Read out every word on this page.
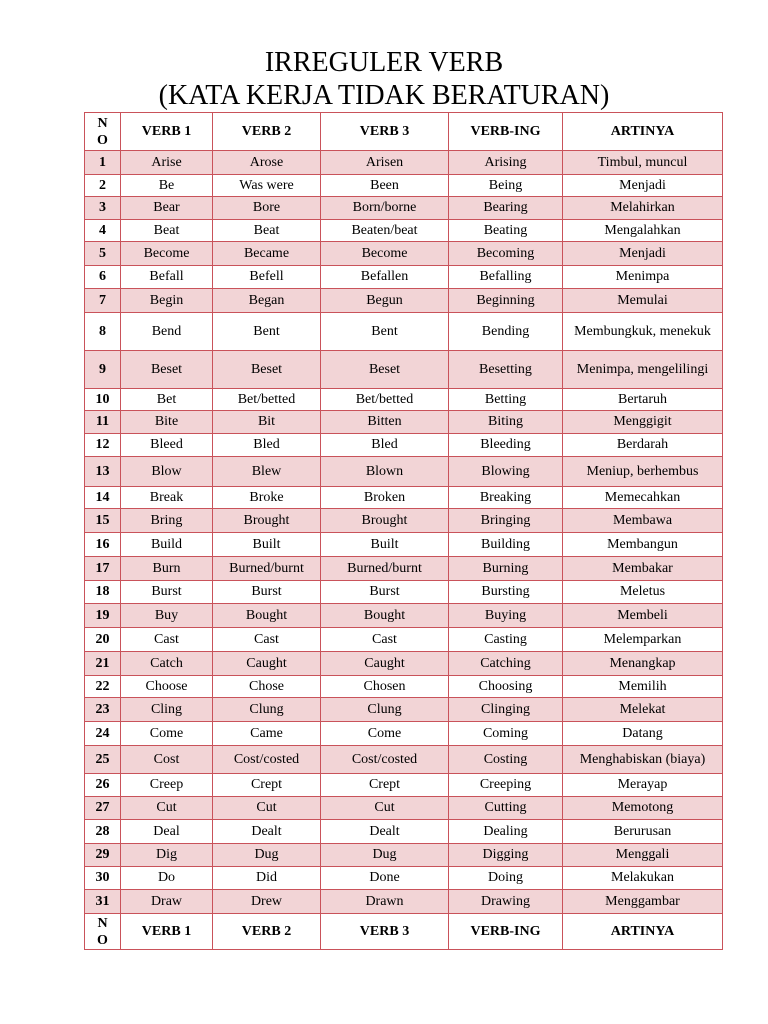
IRREGULER VERB
(KATA KERJA TIDAK BERATURAN)
N
O	VERB 1	VERB 2	VERB 3	VERB-ING	ARTINYA
1	Arise	Arose	Arisen	Arising	Timbul, muncul
2	Be	Was were	Been	Being	Menjadi
3	Bear	Bore	Born/borne	Bearing	Melahirkan
4	Beat	Beat	Beaten/beat	Beating	Mengalahkan
5	Become	Became	Become	Becoming	Menjadi
6	Befall	Befell	Befallen	Befalling	Menimpa
7	Begin	Began	Begun	Beginning	Memulai
8	Bend	Bent	Bent	Bending	Membungkuk, menekuk
9	Beset	Beset	Beset	Besetting	Menimpa, mengelilingi
10	Bet	Bet/betted	Bet/betted	Betting	Bertaruh
11	Bite	Bit	Bitten	Biting	Menggigit
12	Bleed	Bled	Bled	Bleeding	Berdarah
13	Blow	Blew	Blown	Blowing	Meniup, berhembus
14	Break	Broke	Broken	Breaking	Memecahkan
15	Bring	Brought	Brought	Bringing	Membawa
16	Build	Built	Built	Building	Membangun
17	Burn	Burned/burnt	Burned/burnt	Burning	Membakar
18	Burst	Burst	Burst	Bursting	Meletus
19	Buy	Bought	Bought	Buying	Membeli
20	Cast	Cast	Cast	Casting	Melemparkan
21	Catch	Caught	Caught	Catching	Menangkap
22	Choose	Chose	Chosen	Choosing	Memilih
23	Cling	Clung	Clung	Clinging	Melekat
24	Come	Came	Come	Coming	Datang
25	Cost	Cost/costed	Cost/costed	Costing	Menghabiskan (biaya)
26	Creep	Crept	Crept	Creeping	Merayap
27	Cut	Cut	Cut	Cutting	Memotong
28	Deal	Dealt	Dealt	Dealing	Berurusan
29	Dig	Dug	Dug	Digging	Menggali
30	Do	Did	Done	Doing	Melakukan
31	Draw	Drew	Drawn	Drawing	Menggambar
N
O	VERB 1	VERB 2	VERB 3	VERB-ING	ARTINYA
